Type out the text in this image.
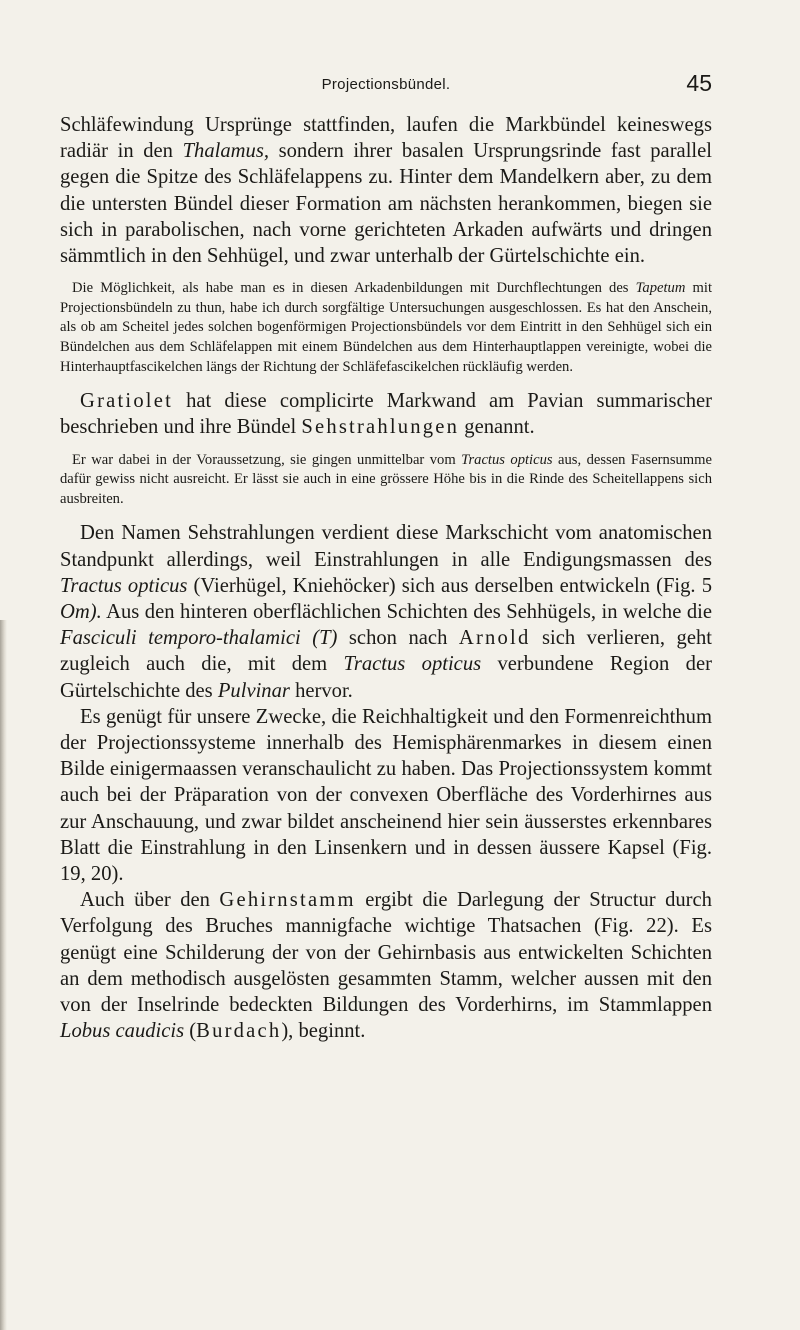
Projectionsbündel.	45

Schläfewindung Ursprünge stattfinden, laufen die Markbündel keineswegs radiär in den Thalamus, sondern ihrer basalen Ursprungsrinde fast parallel gegen die Spitze des Schläfelappens zu. Hinter dem Mandelkern aber, zu dem die untersten Bündel dieser Formation am nächsten herankommen, biegen sie sich in parabolischen, nach vorne gerichteten Arkaden aufwärts und dringen sämmtlich in den Sehhügel, und zwar unterhalb der Gürtelschichte ein.

Die Möglichkeit, als habe man es in diesen Arkadenbildungen mit Durchflechtungen des Tapetum mit Projectionsbündeln zu thun, habe ich durch sorgfältige Untersuchungen ausgeschlossen. Es hat den Anschein, als ob am Scheitel jedes solchen bogenförmigen Projectionsbündels vor dem Eintritt in den Sehhügel sich ein Bündelchen aus dem Schläfelappen mit einem Bündelchen aus dem Hinterhauptlappen vereinigte, wobei die Hinterhauptfascikelchen längs der Richtung der Schläfefascikelchen rückläufig werden.

Gratiolet hat diese complicirte Markwand am Pavian summarischer beschrieben und ihre Bündel Sehstrahlungen genannt.

Er war dabei in der Voraussetzung, sie gingen unmittelbar vom Tractus opticus aus, dessen Fasernsumme dafür gewiss nicht ausreicht. Er lässt sie auch in eine grössere Höhe bis in die Rinde des Scheitellappens sich ausbreiten.

Den Namen Sehstrahlungen verdient diese Markschicht vom anatomischen Standpunkt allerdings, weil Einstrahlungen in alle Endigungsmassen des Tractus opticus (Vierhügel, Kniehöcker) sich aus derselben entwickeln (Fig. 5 Om). Aus den hinteren oberflächlichen Schichten des Sehhügels, in welche die Fasciculi temporo-thalamici (T) schon nach Arnold sich verlieren, geht zugleich auch die, mit dem Tractus opticus verbundene Region der Gürtelschichte des Pulvinar hervor.

Es genügt für unsere Zwecke, die Reichhaltigkeit und den Formenreichthum der Projectionssysteme innerhalb des Hemisphärenmarkes in diesem einen Bilde einigermaassen veranschaulicht zu haben. Das Projectionssystem kommt auch bei der Präparation von der convexen Oberfläche des Vorderhirnes aus zur Anschauung, und zwar bildet anscheinend hier sein äusserstes erkennbares Blatt die Einstrahlung in den Linsenkern und in dessen äussere Kapsel (Fig. 19, 20).

Auch über den Gehirnstamm ergibt die Darlegung der Structur durch Verfolgung des Bruches mannigfache wichtige Thatsachen (Fig. 22). Es genügt eine Schilderung der von der Gehirnbasis aus entwickelten Schichten an dem methodisch ausgelösten gesammten Stamm, welcher aussen mit den von der Inselrinde bedeckten Bildungen des Vorderhirns, im Stammlappen Lobus caudicis (Burdach), beginnt.
